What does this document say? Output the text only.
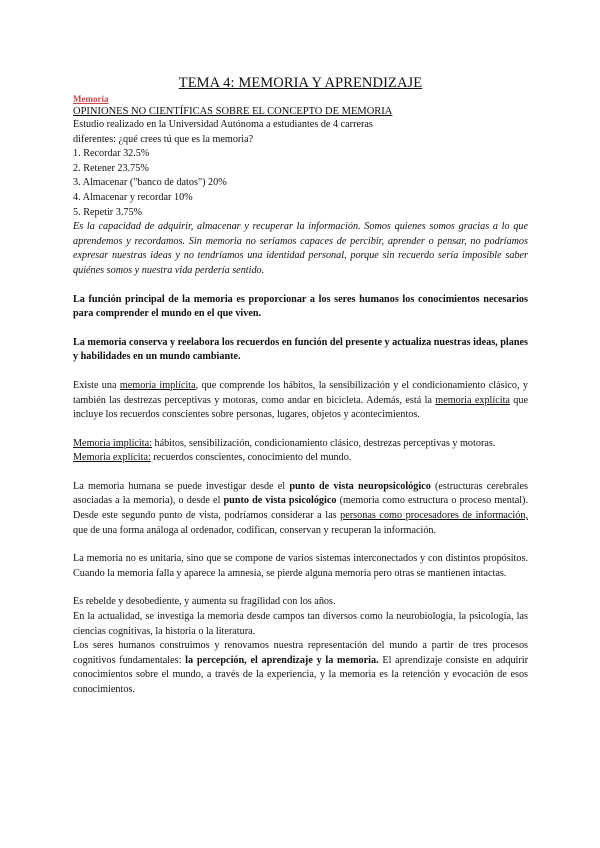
TEMA 4: MEMORIA Y APRENDIZAJE
Memoria
OPINIONES NO CIENTÍFICAS SOBRE EL CONCEPTO DE MEMORIA
Estudio realizado en la Universidad Autónoma a estudiantes de 4 carreras
diferentes: ¿qué crees tú que es la memoria?
1. Recordar 32.5%
2. Retener 23.75%
3. Almacenar ("banco de datos") 20%
4. Almacenar y recordar 10%
5. Repetir 3.75%

Es la capacidad de adquirir, almacenar y recuperar la información. Somos quienes somos gracias a lo que aprendemos y recordamos. Sin memoria no seríamos capaces de percibir, aprender o pensar, no podríamos expresar nuestras ideas y no tendríamos una identidad personal, porque sin recuerdo sería imposible saber quiénes somos y nuestra vida perdería sentido.

La función principal de la memoria es proporcionar a los seres humanos los conocimientos necesarios para comprender el mundo en el que viven.

La memoria conserva y reelabora los recuerdos en función del presente y actualiza nuestras ideas, planes y habilidades en un mundo cambiante.

Existe una memoria implícita, que comprende los hábitos, la sensibilización y el condicionamiento clásico, y también las destrezas perceptivas y motoras, como andar en bicicleta. Además, está la memoria explícita que incluye los recuerdos conscientes sobre personas, lugares, objetos y acontecimientos.

Memoria implícita: hábitos, sensibilización, condicionamiento clásico, destrezas perceptivas y motoras.

Memoria explícita: recuerdos conscientes, conocimiento del mundo.

La memoria humana se puede investigar desde el punto de vista neuropsicológico (estructuras cerebrales asociadas a la memoria), o desde el punto de vista psicológico (memoria como estructura o proceso mental). Desde este segundo punto de vista, podríamos considerar a las personas como procesadores de información, que de una forma análoga al ordenador, codifican, conservan y recuperan la información.

La memoria no es unitaria, sino que se compone de varios sistemas interconectados y con distintos propósitos. Cuando la memoria falla y aparece la amnesia, se pierde alguna memoria pero otras se mantienen intactas.

Es rebelde y desobediente, y aumenta su fragilidad con los años.

En la actualidad, se investiga la memoria desde campos tan diversos como la neurobiología, la psicología, las ciencias cognitivas, la historia o la literatura.

Los seres humanos construimos y renovamos nuestra representación del mundo a partir de tres procesos cognitivos fundamentales: la percepción, el aprendizaje y la memoria. El aprendizaje consiste en adquirir conocimientos sobre el mundo, a través de la experiencia, y la memoria es la retención y evocación de esos conocimientos.
